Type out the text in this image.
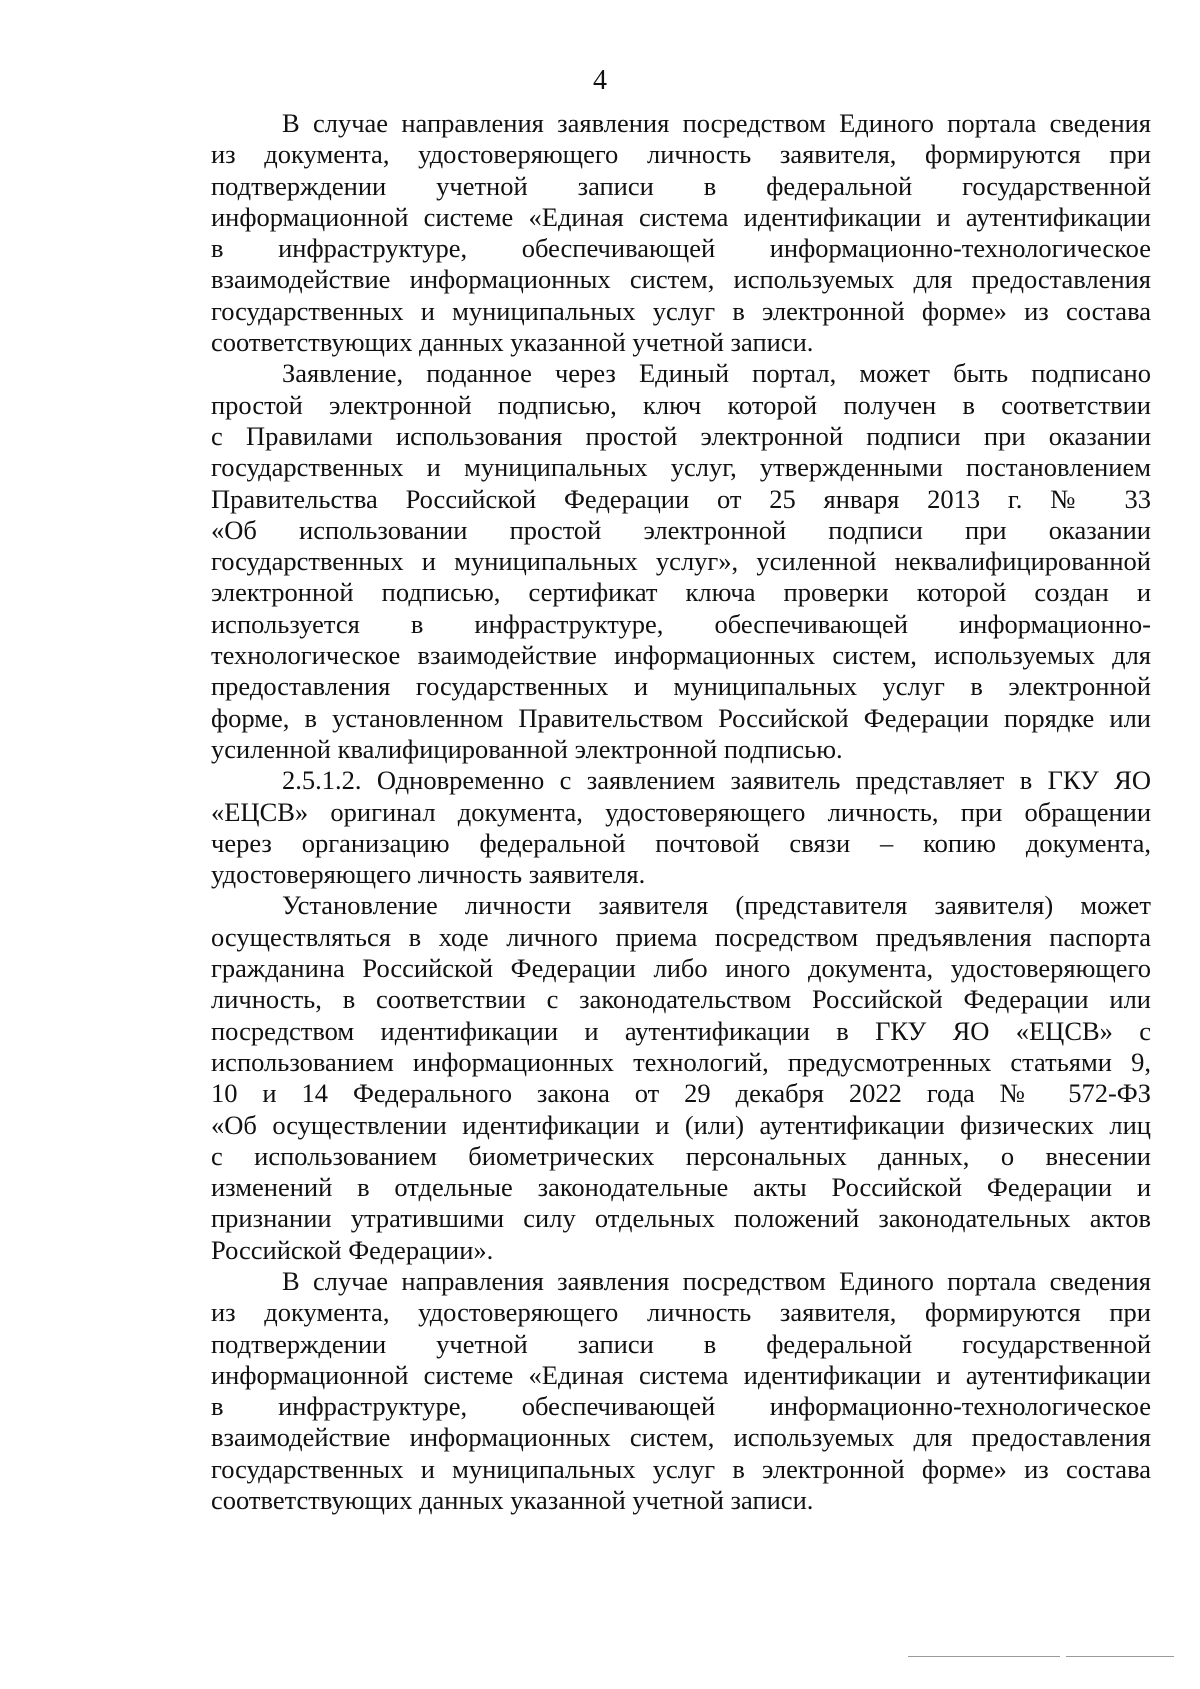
4
В случае направления заявления посредством Единого портала сведения
из документа, удостоверяющего личность заявителя, формируются при
подтверждении учетной записи в федеральной государственной
информационной системе «Единая система идентификации и аутентификации
в инфраструктуре, обеспечивающей информационно-технологическое
взаимодействие информационных систем, используемых для предоставления
государственных и муниципальных услуг в электронной форме» из состава
соответствующих данных указанной учетной записи.
Заявление, поданное через Единый портал, может быть подписано
простой электронной подписью, ключ которой получен в соответствии
с Правилами использования простой электронной подписи при оказании
государственных и муниципальных услуг, утвержденными постановлением
Правительства Российской Федерации от 25 января 2013 г. № 33
«Об использовании простой электронной подписи при оказании
государственных и муниципальных услуг», усиленной неквалифицированной
электронной подписью, сертификат ключа проверки которой создан и
используется в инфраструктуре, обеспечивающей информационно-
технологическое взаимодействие информационных систем, используемых для
предоставления государственных и муниципальных услуг в электронной
форме, в установленном Правительством Российской Федерации порядке или
усиленной квалифицированной электронной подписью.
2.5.1.2. Одновременно с заявлением заявитель представляет в ГКУ ЯО
«ЕЦСВ» оригинал документа, удостоверяющего личность, при обращении
через организацию федеральной почтовой связи – копию документа,
удостоверяющего личность заявителя.
Установление личности заявителя (представителя заявителя) может
осуществляться в ходе личного приема посредством предъявления паспорта
гражданина Российской Федерации либо иного документа, удостоверяющего
личность, в соответствии с законодательством Российской Федерации или
посредством идентификации и аутентификации в ГКУ ЯО «ЕЦСВ» с
использованием информационных технологий, предусмотренных статьями 9,
10 и 14 Федерального закона от 29 декабря 2022 года № 572-ФЗ
«Об осуществлении идентификации и (или) аутентификации физических лиц
с использованием биометрических персональных данных, о внесении
изменений в отдельные законодательные акты Российской Федерации и
признании утратившими силу отдельных положений законодательных актов
Российской Федерации».
В случае направления заявления посредством Единого портала сведения
из документа, удостоверяющего личность заявителя, формируются при
подтверждении учетной записи в федеральной государственной
информационной системе «Единая система идентификации и аутентификации
в инфраструктуре, обеспечивающей информационно-технологическое
взаимодействие информационных систем, используемых для предоставления
государственных и муниципальных услуг в электронной форме» из состава
соответствующих данных указанной учетной записи.
